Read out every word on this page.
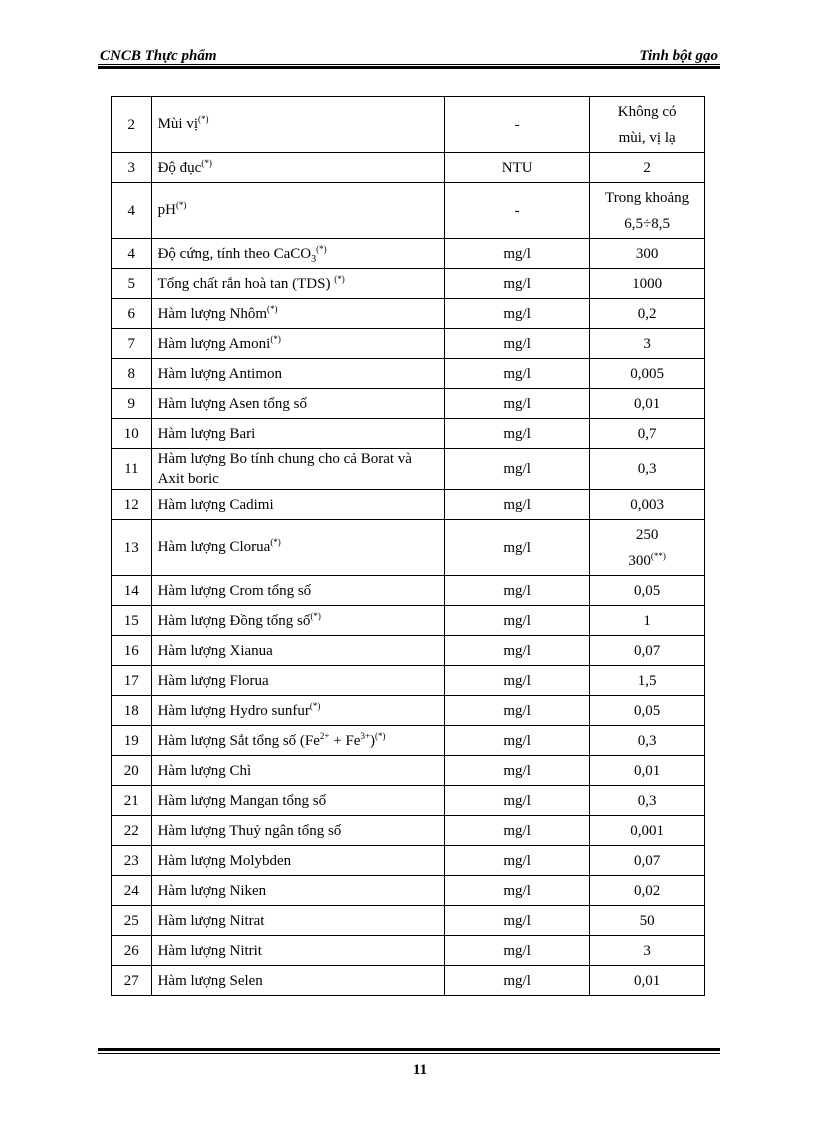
CNCB Thực phẩm	Tinh bột gạo
2	Mùi vị(*)	-	Không có
mùi, vị lạ

3	Độ đục(*)	NTU	2

4	pH(*)	-	Trong khoảng
6,5÷8,5

4	Độ cứng, tính theo CaCO$_3$(*)	mg/l	300

5	Tổng chất rắn hoà tan (TDS) (*)	mg/l	1000

6	Hàm lượng Nhôm(*)	mg/l	0,2

7	Hàm lượng Amoni(*)	mg/l	3

8	Hàm lượng Antimon	mg/l	0,005

9	Hàm lượng Asen tổng số	mg/l	0,01

10	Hàm lượng Bari	mg/l	0,7

11	Hàm lượng Bo tính chung cho cả Borat và Axit boric	mg/l	0,3

12	Hàm lượng Cadimi	mg/l	0,003

13	Hàm lượng Clorua(*)	mg/l	250
300(**)

14	Hàm lượng Crom tổng số	mg/l	0,05

15	Hàm lượng Đồng tổng số(*)	mg/l	1

16	Hàm lượng Xianua	mg/l	0,07

17	Hàm lượng Florua	mg/l	1,5

18	Hàm lượng Hydro sunfur(*)	mg/l	0,05

19	Hàm lượng Sắt tổng số $(Fe^{2+} + Fe^{3+})^{(*)}$	mg/l	0,3

20	Hàm lượng Chì	mg/l	0,01

21	Hàm lượng Mangan tổng số	mg/l	0,3

22	Hàm lượng Thuỷ ngân tổng số	mg/l	0,001

23	Hàm lượng Molybden	mg/l	0,07

24	Hàm lượng Niken	mg/l	0,02

25	Hàm lượng Nitrat	mg/l	50

26	Hàm lượng Nitrit	mg/l	3

27	Hàm lượng Selen	mg/l	0,01
11
